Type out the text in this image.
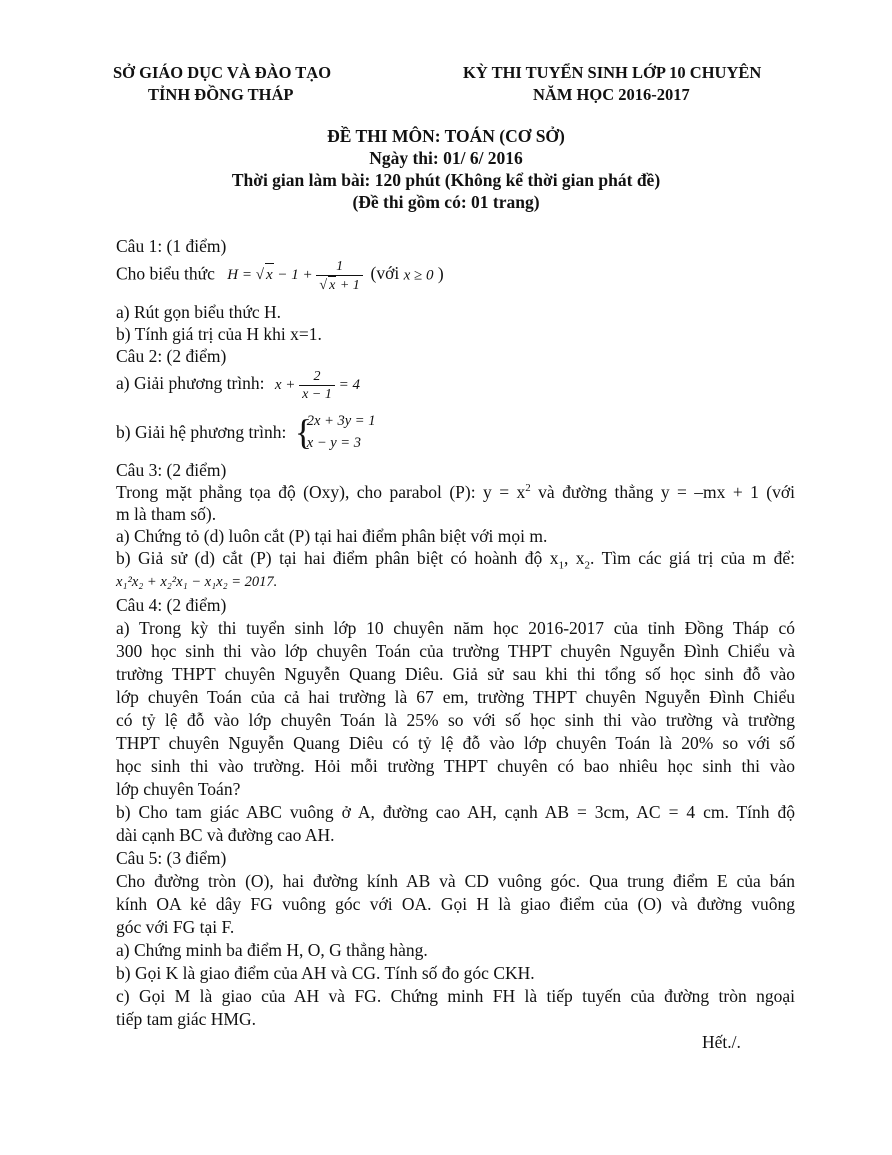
SỞ GIÁO DỤC VÀ ĐÀO TẠO
TỈNH ĐỒNG THÁP
KỲ THI TUYỂN SINH LỚP 10 CHUYÊN
NĂM HỌC 2016-2017
ĐỀ THI MÔN: TOÁN (CƠ SỞ)
Ngày thi: 01/ 6/ 2016
Thời gian làm bài: 120 phút (Không kể thời gian phát đề)
(Đề thi gồm có: 01 trang)
Câu 1: (1 điểm)
Cho biểu thức H = √ $x - 1 + \frac{1}{√ x + 1}$ (với x ≥ 0 )
a) Rút gọn biểu thức H.
b) Tính giá trị của H khi x=1.
Câu 2: (2 điểm)
a) Giải phương trình: $x + \frac{2}{x - 1} = 4$
b) Giải hệ phương trình: {
2x + 3y = 1
x − y = 3
Câu 3: (2 điểm)
Trong mặt phẳng tọa độ (Oxy), cho parabol (P): $y = x^2$ và đường thẳng y = –mx + 1 (với
m là tham số).
a) Chứng tỏ (d) luôn cắt (P) tại hai điểm phân biệt với mọi m.
b) Giả sử (d) cắt (P) tại hai điểm phân biệt có hoành độ $x_1$, $x_2$. Tìm các giá trị của m để:
x₁²x₂ + x₂²x₁ − x₁x₂ = 2017.
Câu 4: (2 điểm)
a) Trong kỳ thi tuyển sinh lớp 10 chuyên năm học 2016-2017 của tỉnh Đồng Tháp có
300 học sinh thi vào lớp chuyên Toán của trường THPT chuyên Nguyễn Đình Chiểu và
trường THPT chuyên Nguyễn Quang Diêu. Giả sử sau khi thi tổng số học sinh đỗ vào
lớp chuyên Toán của cả hai trường là 67 em, trường THPT chuyên Nguyễn Đình Chiểu
có tỷ lệ đỗ vào lớp chuyên Toán là 25% so với số học sinh thi vào trường và trường
THPT chuyên Nguyễn Quang Diêu có tỷ lệ đỗ vào lớp chuyên Toán là 20% so với số
học sinh thi vào trường. Hỏi mỗi trường THPT chuyên có bao nhiêu học sinh thi vào
lớp chuyên Toán?
b) Cho tam giác ABC vuông ở A, đường cao AH, cạnh AB = 3cm, AC = 4 cm. Tính độ
dài cạnh BC và đường cao AH.
Câu 5: (3 điểm)
Cho đường tròn (O), hai đường kính AB và CD vuông góc. Qua trung điểm E của bán
kính OA kẻ dây FG vuông góc với OA. Gọi H là giao điểm của (O) và đường vuông
góc với FG tại F.
a) Chứng minh ba điểm H, O, G thẳng hàng.
b) Gọi K là giao điểm của AH và CG. Tính số đo góc CKH.
c) Gọi M là giao của AH và FG. Chứng minh FH là tiếp tuyến của đường tròn ngoại
tiếp tam giác HMG.
Hết./.
